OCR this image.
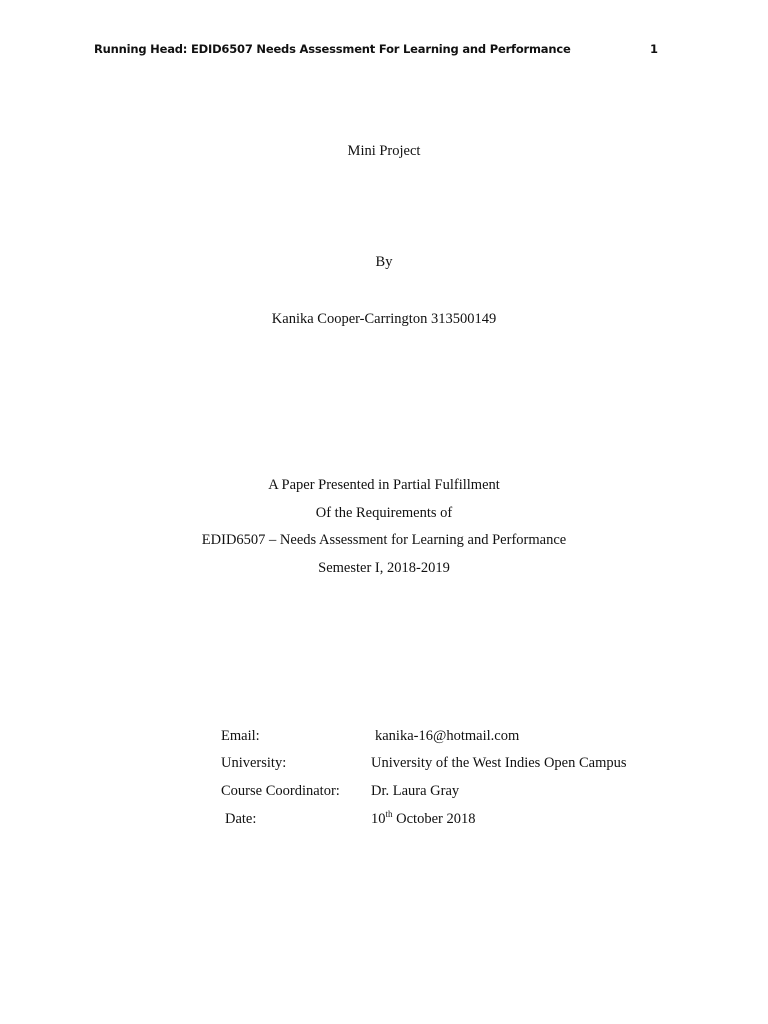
Running Head: EDID6507 Needs Assessment For Learning and Performance	1
Mini Project
By
Kanika Cooper-Carrington 313500149
A Paper Presented in Partial Fulfillment
Of the Requirements of
EDID6507 – Needs Assessment for Learning and Performance
Semester I, 2018-2019
Email:	kanika-16@hotmail.com
University:	University of the West Indies Open Campus
Course Coordinator: Dr. Laura Gray
Date:	10th October 2018
